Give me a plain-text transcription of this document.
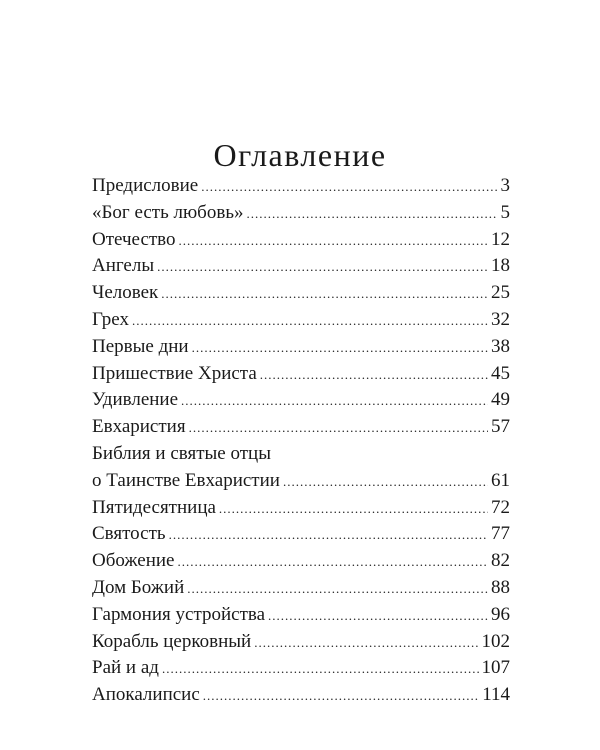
Оглавление
Предисловие .....	3
«Бог есть любовь» .....	5
Отечество .....	12
Ангелы .....	18
Человек .....	25
Грех .....	32
Первые дни .....	38
Пришествие Христа .....	45
Удивление .....	49
Евхаристия .....	57
Библия и святые отцы
о Таинстве Евхаристии .....	61
Пятидесятница .....	72
Святость .....	77
Обожение .....	82
Дом Божий .....	88
Гармония устройства .....	96
Корабль церковный .....	102
Рай и ад .....	107
Апокалипсис .....	114
